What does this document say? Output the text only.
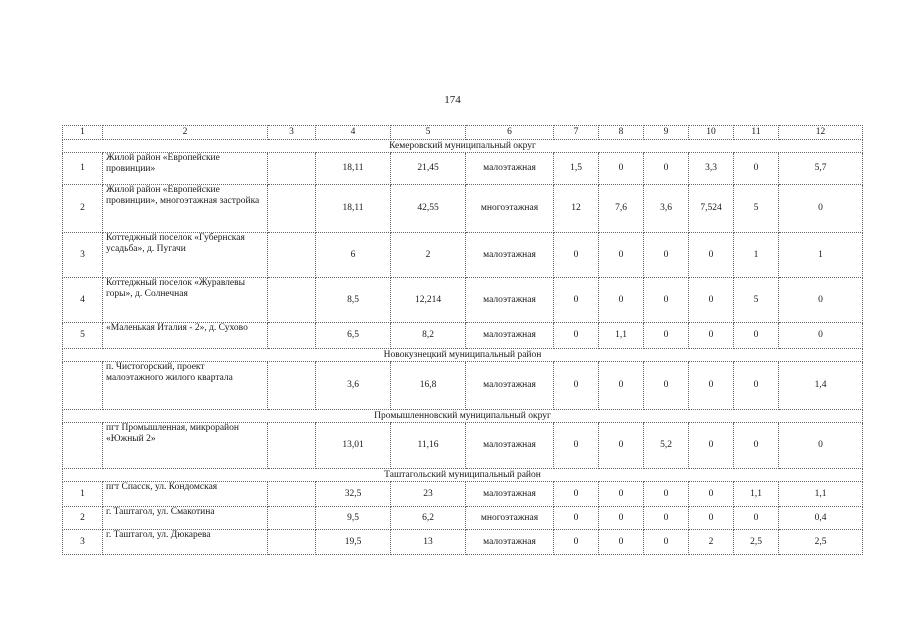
174
1	2	3	4	5	6	7	8	9	10	11	12
Кемеровский муниципальный округ											
1	Жилой район «Европейские провинции»		18,11	21,45	малоэтажная	1,5	0	0	3,3	0	5,7
2	Жилой район «Европейские провинции», многоэтажная застройка		18,11	42,55	многоэтажная	12	7,6	3,6	7,524	5	0
3	Коттеджный поселок «Губернская усадьба», д. Пугачи		6	2	малоэтажная	0	0	0	0	1	1
4	Коттеджный поселок «Журавлевы горы», д. Солнечная		8,5	12,214	малоэтажная	0	0	0	0	5	0
5	«Маленькая Италия - 2», д. Сухово		6,5	8,2	малоэтажная	0	1,1	0	0	0	0
Новокузнецкий муниципальный район											
	п. Чистогорский, проект малоэтажного жилого квартала		3,6	16,8	малоэтажная	0	0	0	0	0	1,4
Промышленновский муниципальный округ											
	пгт Промышленная, микрорайон «Южный 2»		13,01	11,16	малоэтажная	0	0	5,2	0	0	0
Таштагольский муниципальный район											
1	пгт Спасск, ул. Кондомская		32,5	23	малоэтажная	0	0	0	0	1,1	1,1
2	г. Таштагол, ул. Смакотина		9,5	6,2	многоэтажная	0	0	0	0	0	0,4
3	г. Таштагол, ул. Дюкарева		19,5	13	малоэтажная	0	0	0	2	2,5	2,5
